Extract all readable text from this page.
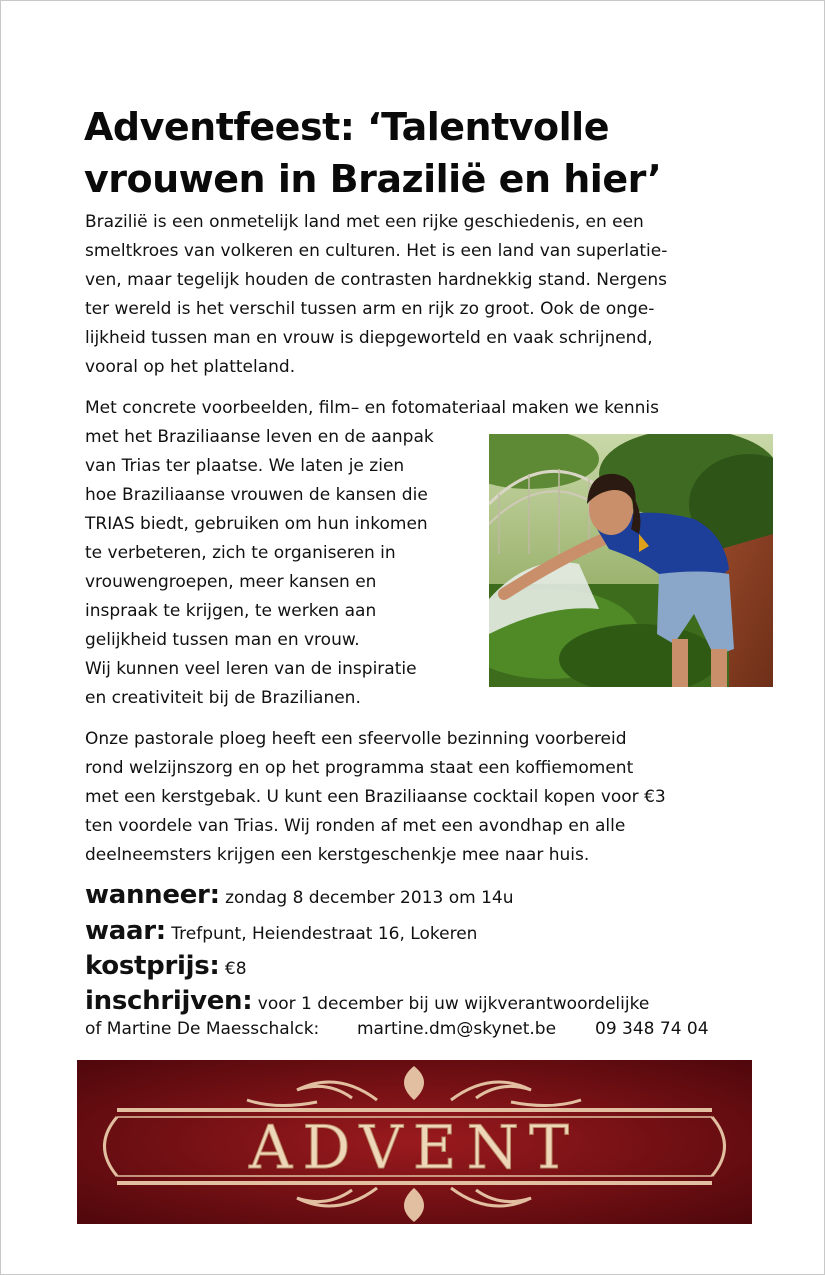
Adventfeest: ‘Talentvolle
vrouwen in Brazilië en hier’
Brazilië is een onmetelijk land met een rijke geschiedenis, en een
smeltkroes van volkeren en culturen. Het is een land van superlatie-
ven, maar tegelijk houden de contrasten hardnekkig stand. Nergens
ter wereld is het verschil tussen arm en rijk zo groot. Ook de onge-
lijkheid tussen man en vrouw is diepgeworteld en vaak schrijnend,
vooral op het platteland.
Met concrete voorbeelden, film– en fotomateriaal maken we kennis
met het Braziliaanse leven en de aanpak
van Trias ter plaatse. We laten je zien
hoe Braziliaanse vrouwen de kansen die
TRIAS biedt, gebruiken om hun inkomen
te verbeteren, zich te organiseren in
vrouwengroepen, meer kansen en
inspraak te krijgen, te werken aan
gelijkheid tussen man en vrouw.
Wij kunnen veel leren van de inspiratie
en creativiteit bij de Brazilianen.
Onze pastorale ploeg heeft een sfeervolle bezinning voorbereid
rond welzijnszorg en op het programma staat een koffiemoment
met een kerstgebak. U kunt een Braziliaanse cocktail kopen voor €3
ten voordele van Trias. Wij ronden af met een avondhap en alle
deelneemsters krijgen een kerstgeschenkje mee naar huis.
wanneer: zondag 8 december 2013 om 14u
waar: Trefpunt, Heiendestraat 16, Lokeren
kostprijs: €8
inschrijven: voor 1 december bij uw wijkverantwoordelijke
of Martine De Maesschalck: martine.dm@skynet.be 09 348 74 04
ADVENT
